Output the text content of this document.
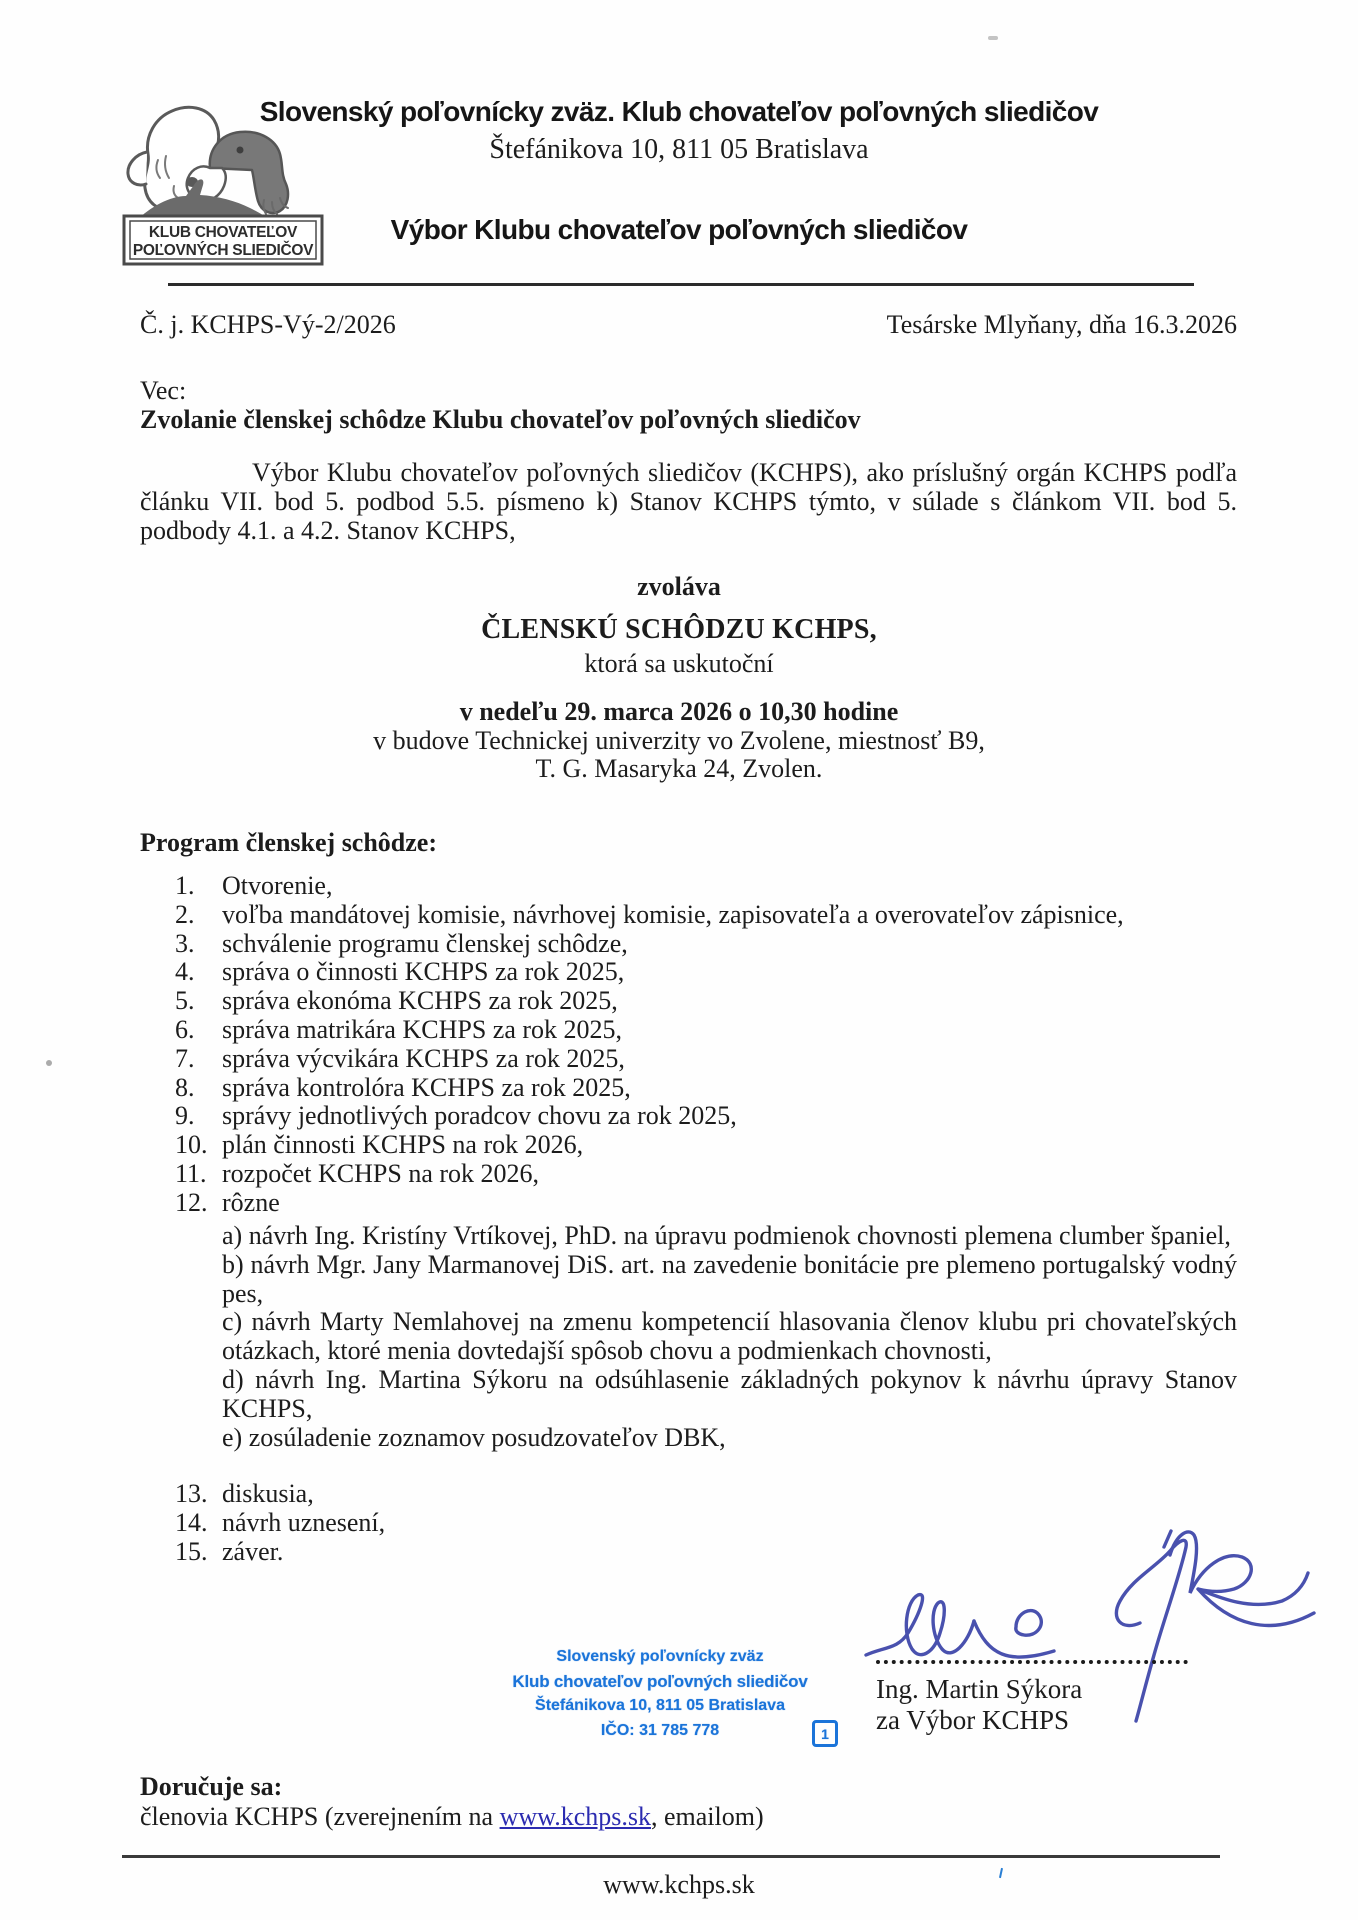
KLUB CHOVATEĽOV
POĽOVNÝCH SLIEDIČOV
Slovenský poľovnícky zväz. Klub chovateľov poľovných sliedičov
Štefánikova 10, 811 05 Bratislava
Výbor Klubu chovateľov poľovných sliedičov
Č. j. KCHPS-Vý-2/2026	Tesárske Mlyňany, dňa 16.3.2026
Vec:
Zvolanie členskej schôdze Klubu chovateľov poľovných sliedičov
Výbor Klubu chovateľov poľovných sliedičov (KCHPS), ako príslušný orgán KCHPS podľa článku VII. bod 5. podbod 5.5. písmeno k) Stanov KCHPS týmto, v súlade s článkom VII. bod 5. podbody 4.1. a 4.2. Stanov KCHPS,
zvoláva
ČLENSKÚ SCHÔDZU KCHPS,
ktorá sa uskutoční
v nedeľu 29. marca 2026 o 10,30 hodine
v budove Technickej univerzity vo Zvolene, miestnosť B9,
T. G. Masaryka 24, Zvolen.
Program členskej schôdze:
1.	Otvorenie,
2.	voľba mandátovej komisie, návrhovej komisie, zapisovateľa a overovateľov zápisnice,
3.	schválenie programu členskej schôdze,
4.	správa o činnosti KCHPS za rok 2025,
5.	správa ekonóma KCHPS za rok 2025,
6.	správa matrikára KCHPS za rok 2025,
7.	správa výcvikára KCHPS za rok 2025,
8.	správa kontrolóra KCHPS za rok 2025,
9.	správy jednotlivých poradcov chovu za rok 2025,
10. plán činnosti KCHPS na rok 2026,
11. rozpočet KCHPS na rok 2026,
12. rôzne
a) návrh Ing. Kristíny Vrtíkovej, PhD. na úpravu podmienok chovnosti plemena clumber španiel,
b) návrh Mgr. Jany Marmanovej DiS. art. na zavedenie bonitácie pre plemeno portugalský vodný pes,
c) návrh Marty Nemlahovej na zmenu kompetencií hlasovania členov klubu pri chovateľských otázkach, ktoré menia dovtedajší spôsob chovu a podmienkach chovnosti,
d) návrh Ing. Martina Sýkoru na odsúhlasenie základných pokynov k návrhu úpravy Stanov KCHPS,
e) zosúladenie zoznamov posudzovateľov DBK,
13. diskusia,
14. návrh uznesení,
15. záver.
Ing. Martin Sýkora
za Výbor KCHPS
Slovenský poľovnícky zväz
Klub chovateľov poľovných sliedičov
Štefánikova 10, 811 05 Bratislava
IČO: 31 785 778	1
Doručuje sa:
členovia KCHPS (zverejnením na www.kchps.sk, emailom)
www.kchps.sk
